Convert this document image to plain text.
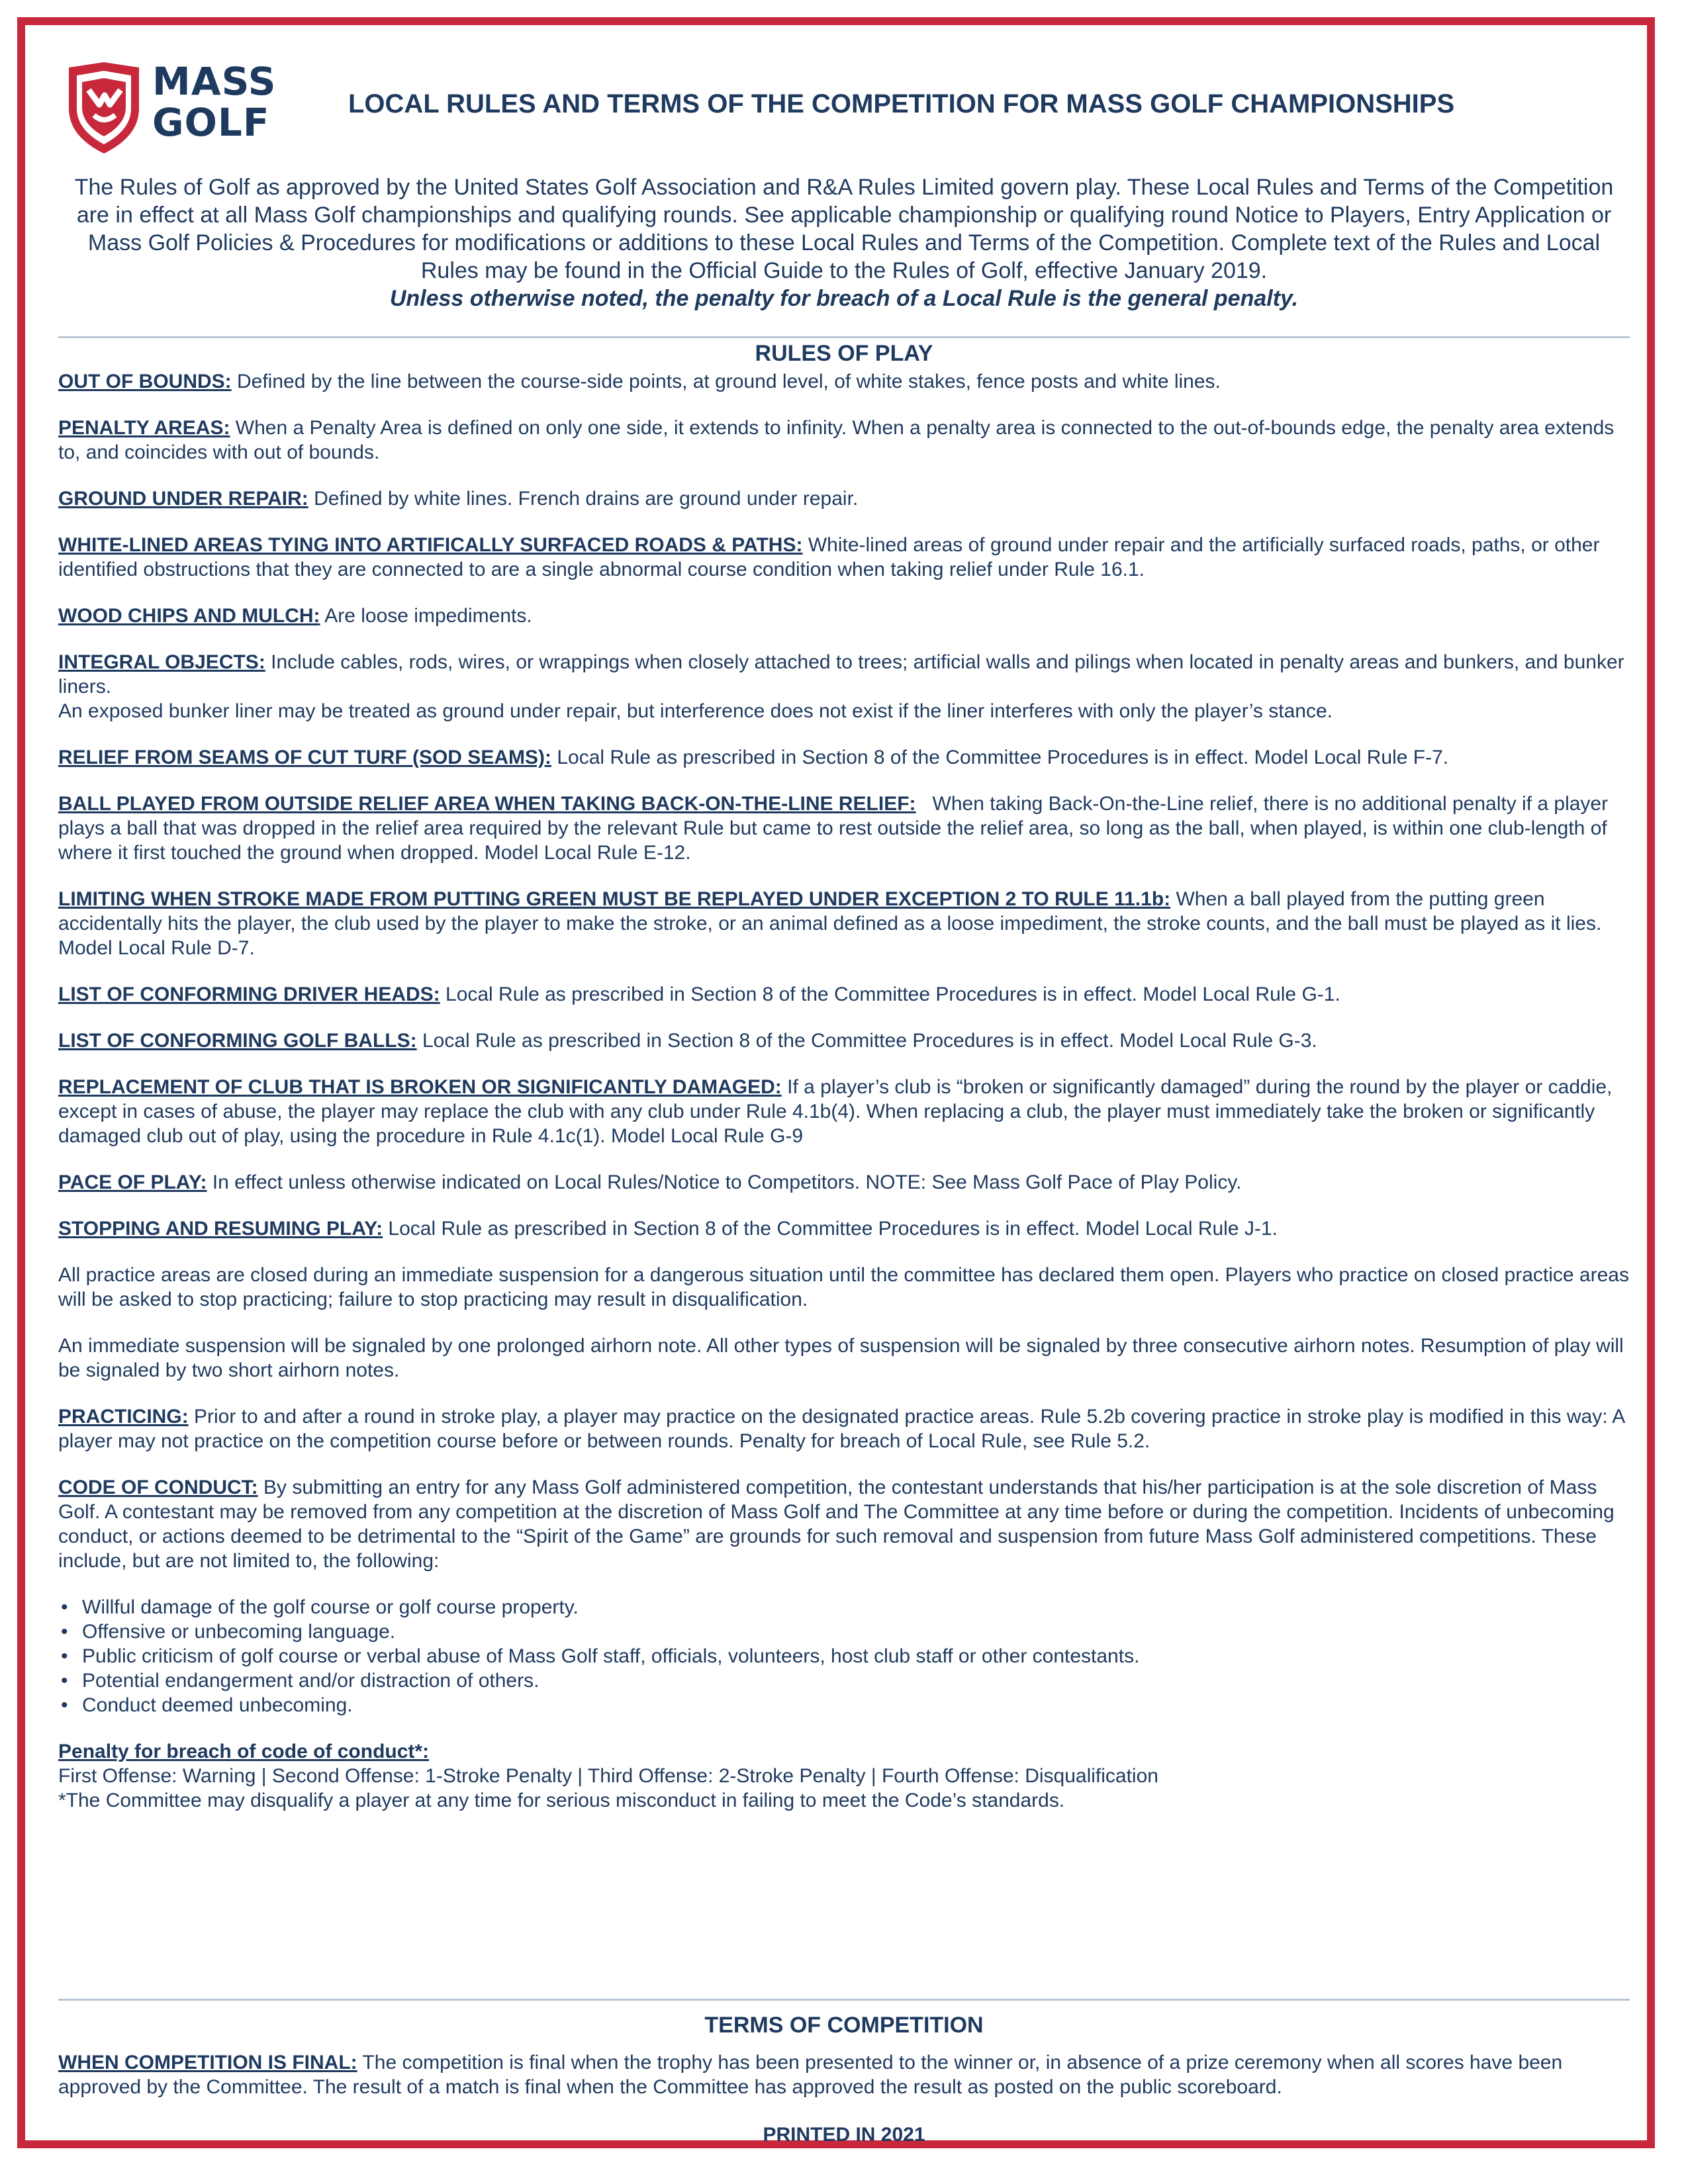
MASS
GOLF	LOCAL RULES AND TERMS OF THE COMPETITION FOR MASS GOLF CHAMPIONSHIPS
The Rules of Golf as approved by the United States Golf Association and R&A Rules Limited govern play. These Local Rules and Terms of the Competition are in effect at all Mass Golf championships and qualifying rounds. See applicable championship or qualifying round Notice to Players, Entry Application or Mass Golf Policies & Procedures for modifications or additions to these Local Rules and Terms of the Competition. Complete text of the Rules and Local Rules may be found in the Official Guide to the Rules of Golf, effective January 2019.
Unless otherwise noted, the penalty for breach of a Local Rule is the general penalty.
RULES OF PLAY

OUT OF BOUNDS: Defined by the line between the course-side points, at ground level, of white stakes, fence posts and white lines.

PENALTY AREAS: When a Penalty Area is defined on only one side, it extends to infinity. When a penalty area is connected to the out-of-bounds edge, the penalty area extends to, and coincides with out of bounds.

GROUND UNDER REPAIR: Defined by white lines. French drains are ground under repair.

WHITE-LINED AREAS TYING INTO ARTIFICALLY SURFACED ROADS & PATHS: White-lined areas of ground under repair and the artificially surfaced roads, paths, or other identified obstructions that they are connected to are a single abnormal course condition when taking relief under Rule 16.1.

WOOD CHIPS AND MULCH: Are loose impediments.

INTEGRAL OBJECTS: Include cables, rods, wires, or wrappings when closely attached to trees; artificial walls and pilings when located in penalty areas and bunkers, and bunker liners.
An exposed bunker liner may be treated as ground under repair, but interference does not exist if the liner interferes with only the player’s stance.

RELIEF FROM SEAMS OF CUT TURF (SOD SEAMS): Local Rule as prescribed in Section 8 of the Committee Procedures is in effect. Model Local Rule F-7.

BALL PLAYED FROM OUTSIDE RELIEF AREA WHEN TAKING BACK-ON-THE-LINE RELIEF:   When taking Back-On-the-Line relief, there is no additional penalty if a player plays a ball that was dropped in the relief area required by the relevant Rule but came to rest outside the relief area, so long as the ball, when played, is within one club-length of where it first touched the ground when dropped. Model Local Rule E-12.

LIMITING WHEN STROKE MADE FROM PUTTING GREEN MUST BE REPLAYED UNDER EXCEPTION 2 TO RULE 11.1b: When a ball played from the putting green accidentally hits the player, the club used by the player to make the stroke, or an animal defined as a loose impediment, the stroke counts, and the ball must be played as it lies. Model Local Rule D-7.

LIST OF CONFORMING DRIVER HEADS: Local Rule as prescribed in Section 8 of the Committee Procedures is in effect. Model Local Rule G-1.

LIST OF CONFORMING GOLF BALLS: Local Rule as prescribed in Section 8 of the Committee Procedures is in effect. Model Local Rule G-3.

REPLACEMENT OF CLUB THAT IS BROKEN OR SIGNIFICANTLY DAMAGED: If a player’s club is “broken or significantly damaged” during the round by the player or caddie, except in cases of abuse, the player may replace the club with any club under Rule 4.1b(4). When replacing a club, the player must immediately take the broken or significantly damaged club out of play, using the procedure in Rule 4.1c(1). Model Local Rule G-9

PACE OF PLAY: In effect unless otherwise indicated on Local Rules/Notice to Competitors. NOTE: See Mass Golf Pace of Play Policy.

STOPPING AND RESUMING PLAY: Local Rule as prescribed in Section 8 of the Committee Procedures is in effect. Model Local Rule J-1.

All practice areas are closed during an immediate suspension for a dangerous situation until the committee has declared them open. Players who practice on closed practice areas will be asked to stop practicing; failure to stop practicing may result in disqualification.

An immediate suspension will be signaled by one prolonged airhorn note. All other types of suspension will be signaled by three consecutive airhorn notes. Resumption of play will be signaled by two short airhorn notes.

PRACTICING: Prior to and after a round in stroke play, a player may practice on the designated practice areas. Rule 5.2b covering practice in stroke play is modified in this way: A player may not practice on the competition course before or between rounds. Penalty for breach of Local Rule, see Rule 5.2.

CODE OF CONDUCT: By submitting an entry for any Mass Golf administered competition, the contestant understands that his/her participation is at the sole discretion of Mass Golf. A contestant may be removed from any competition at the discretion of Mass Golf and The Committee at any time before or during the competition. Incidents of unbecoming conduct, or actions deemed to be detrimental to the “Spirit of the Game” are grounds for such removal and suspension from future Mass Golf administered competitions. These include, but are not limited to, the following:

• Willful damage of the golf course or golf course property.
• Offensive or unbecoming language.
• Public criticism of golf course or verbal abuse of Mass Golf staff, officials, volunteers, host club staff or other contestants.
• Potential endangerment and/or distraction of others.
• Conduct deemed unbecoming.

Penalty for breach of code of conduct*:
First Offense: Warning | Second Offense: 1-Stroke Penalty | Third Offense: 2-Stroke Penalty | Fourth Offense: Disqualification
*The Committee may disqualify a player at any time for serious misconduct in failing to meet the Code’s standards.

TERMS OF COMPETITION

WHEN COMPETITION IS FINAL: The competition is final when the trophy has been presented to the winner or, in absence of a prize ceremony when all scores have been approved by the Committee. The result of a match is final when the Committee has approved the result as posted on the public scoreboard.

PRINTED IN 2021
